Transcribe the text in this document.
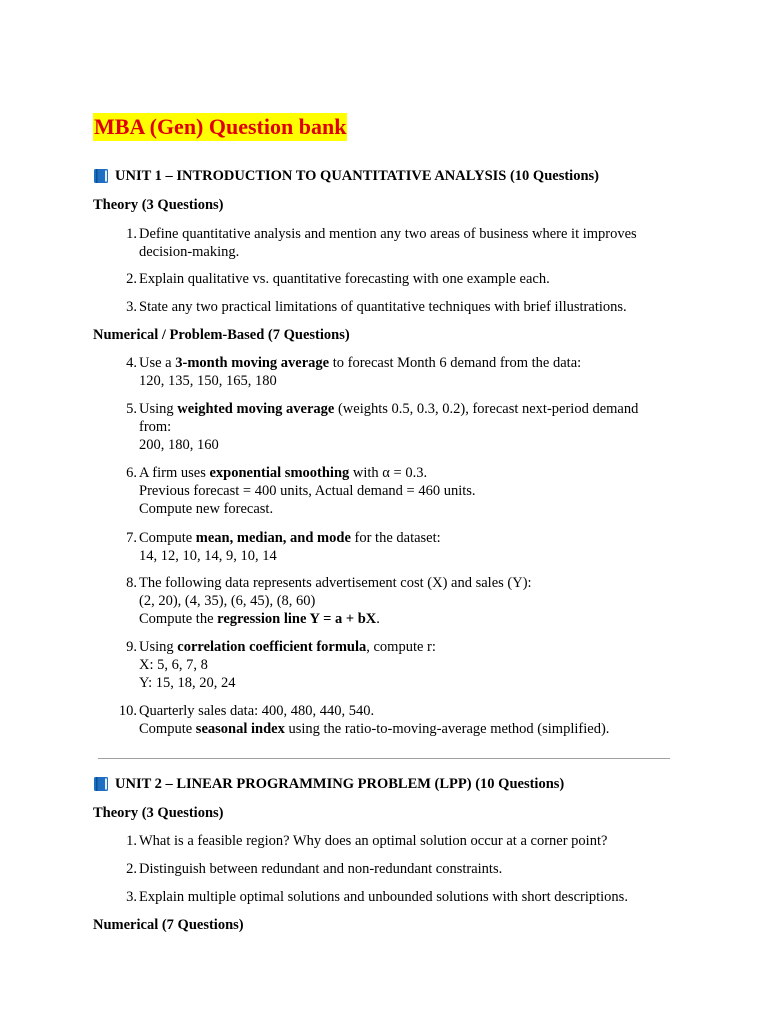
MBA (Gen) Question bank
UNIT 1 – INTRODUCTION TO QUANTITATIVE ANALYSIS (10 Questions)
Theory (3 Questions)
1. Define quantitative analysis and mention any two areas of business where it improves
decision-making.
2. Explain qualitative vs. quantitative forecasting with one example each.
3. State any two practical limitations of quantitative techniques with brief illustrations.
Numerical / Problem-Based (7 Questions)
4. Use a 3-month moving average to forecast Month 6 demand from the data:
120, 135, 150, 165, 180
5. Using weighted moving average (weights 0.5, 0.3, 0.2), forecast next-period demand
from:
200, 180, 160
6. A firm uses exponential smoothing with α = 0.3.
Previous forecast = 400 units, Actual demand = 460 units.
Compute new forecast.
7. Compute mean, median, and mode for the dataset:
14, 12, 10, 14, 9, 10, 14
8. The following data represents advertisement cost (X) and sales (Y):
(2, 20), (4, 35), (6, 45), (8, 60)
Compute the regression line Y = a + bX.
9. Using correlation coefficient formula, compute r:
X: 5, 6, 7, 8
Y: 15, 18, 20, 24
10. Quarterly sales data: 400, 480, 440, 540.
Compute seasonal index using the ratio-to-moving-average method (simplified).
UNIT 2 – LINEAR PROGRAMMING PROBLEM (LPP) (10 Questions)
Theory (3 Questions)
1. What is a feasible region? Why does an optimal solution occur at a corner point?
2. Distinguish between redundant and non-redundant constraints.
3. Explain multiple optimal solutions and unbounded solutions with short descriptions.
Numerical (7 Questions)
